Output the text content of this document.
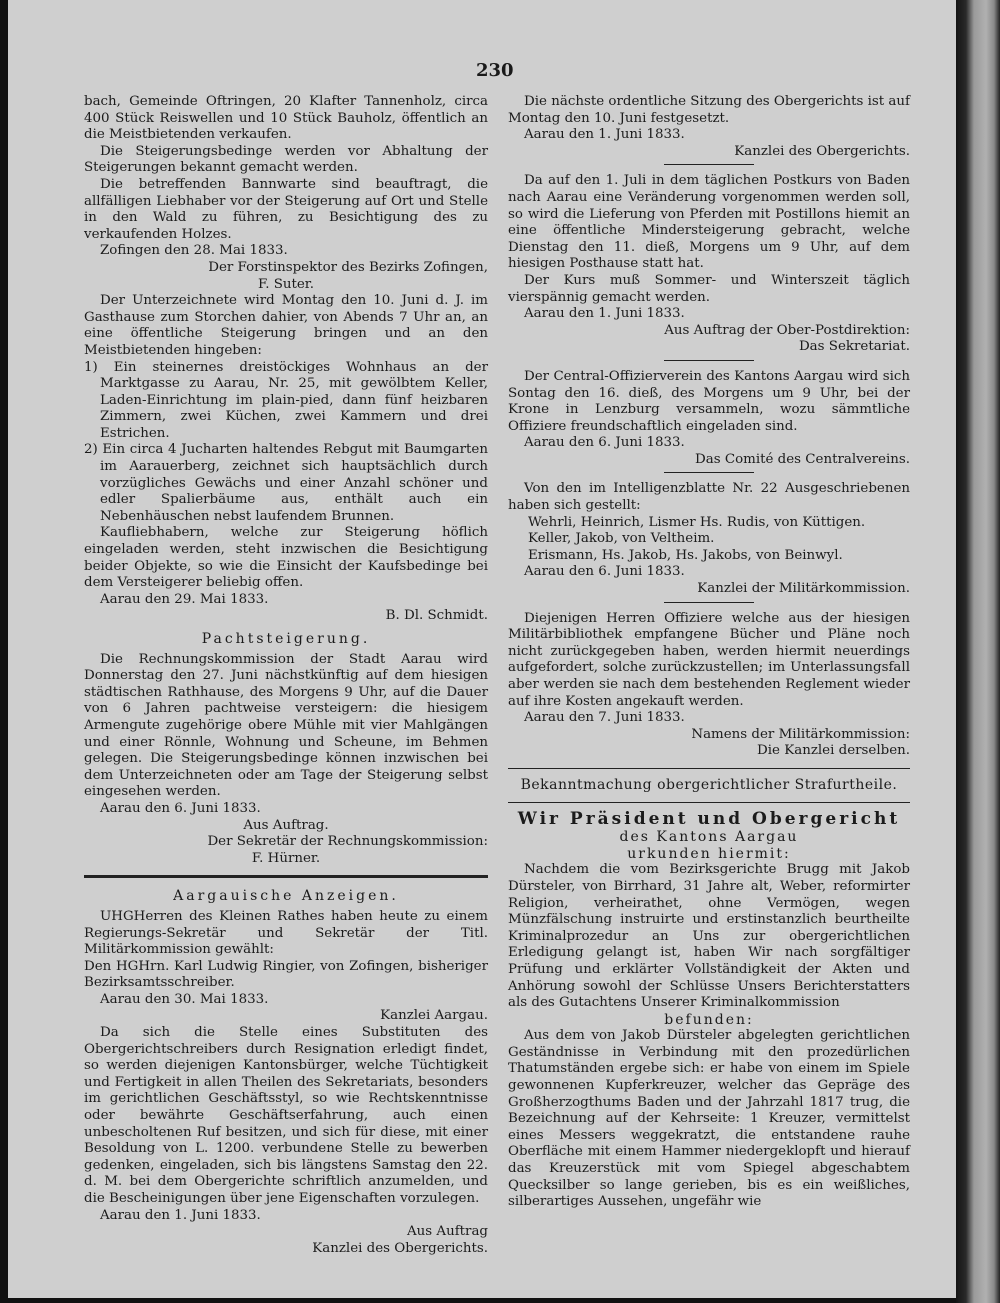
230

bach, Gemeinde Oftringen, 20 Klafter Tannenholz, circa 400 Stück Reiswellen und 10 Stück Bauholz, öffentlich an die Meistbietenden verkaufen.

Die Steigerungsbedinge werden vor Abhaltung der Steigerungen bekannt gemacht werden.

Die betreffenden Bannwarte sind beauftragt, die allfälligen Liebhaber vor der Steigerung auf Ort und Stelle in den Wald zu führen, zu Besichtigung des zu verkaufenden Holzes.

Zofingen den 28. Mai 1833.

Der Forstinspektor des Bezirks Zofingen,

F. Suter.

Der Unterzeichnete wird Montag den 10. Juni d. J. im Gasthause zum Storchen dahier, von Abends 7 Uhr an, an eine öffentliche Steigerung bringen und an den Meistbietenden hingeben:

1) Ein steinernes dreistöckiges Wohnhaus an der Marktgasse zu Aarau, Nr. 25, mit gewölbtem Keller, Laden-Einrichtung im plain-pied, dann fünf heizbaren Zimmern, zwei Küchen, zwei Kammern und drei Estrichen.

2) Ein circa 4 Jucharten haltendes Rebgut mit Baumgarten im Aarauerberg, zeichnet sich hauptsächlich durch vorzügliches Gewächs und einer Anzahl schöner und edler Spalierbäume aus, enthält auch ein Nebenhäuschen nebst laufendem Brunnen.

Kaufliebhabern, welche zur Steigerung höflich eingeladen werden, steht inzwischen die Besichtigung beider Objekte, so wie die Einsicht der Kaufsbedinge bei dem Versteigerer beliebig offen.

Aarau den 29. Mai 1833.

B. Dl. Schmidt.

Pachtsteigerung.

Die Rechnungskommission der Stadt Aarau wird Donnerstag den 27. Juni nächstkünftig auf dem hiesigen städtischen Rathhause, des Morgens 9 Uhr, auf die Dauer von 6 Jahren pachtweise versteigern: die hiesigem Armengute zugehörige obere Mühle mit vier Mahlgängen und einer Rönnle, Wohnung und Scheune, im Behmen gelegen. Die Steigerungsbedinge können inzwischen bei dem Unterzeichneten oder am Tage der Steigerung selbst eingesehen werden.

Aarau den 6. Juni 1833.

Aus Auftrag.

Der Sekretär der Rechnungskommission:

F. Hürner.

Aargauische Anzeigen.

UHGHerren des Kleinen Rathes haben heute zu einem Regierungs-Sekretär und Sekretär der Titl. Militärkommission gewählt:

Den HGHrn. Karl Ludwig Ringier, von Zofingen, bisheriger Bezirksamtsschreiber.

Aarau den 30. Mai 1833.

Kanzlei Aargau.

Da sich die Stelle eines Substituten des Obergerichtschreibers durch Resignation erledigt findet, so werden diejenigen Kantonsbürger, welche Tüchtigkeit und Fertigkeit in allen Theilen des Sekretariats, besonders im gerichtlichen Geschäftsstyl, so wie Rechtskenntnisse oder bewährte Geschäftserfahrung, auch einen unbescholtenen Ruf besitzen, und sich für diese, mit einer Besoldung von L. 1200. verbundene Stelle zu bewerben gedenken, eingeladen, sich bis längstens Samstag den 22. d. M. bei dem Obergerichte schriftlich anzumelden, und die Bescheinigungen über jene Eigenschaften vorzulegen.

Aarau den 1. Juni 1833.

Aus Auftrag

Kanzlei des Obergerichts.

Die nächste ordentliche Sitzung des Obergerichts ist auf Montag den 10. Juni festgesetzt.

Aarau den 1. Juni 1833.

Kanzlei des Obergerichts.

Da auf den 1. Juli in dem täglichen Postkurs von Baden nach Aarau eine Veränderung vorgenommen werden soll, so wird die Lieferung von Pferden mit Postillons hiemit an eine öffentliche Mindersteigerung gebracht, welche Dienstag den 11. dieß, Morgens um 9 Uhr, auf dem hiesigen Posthause statt hat.

Der Kurs muß Sommer- und Winterszeit täglich vierspännig gemacht werden.

Aarau den 1. Juni 1833.

Aus Auftrag der Ober-Postdirektion:

Das Sekretariat.

Der Central-Offizierverein des Kantons Aargau wird sich Sontag den 16. dieß, des Morgens um 9 Uhr, bei der Krone in Lenzburg versammeln, wozu sämmtliche Offiziere freundschaftlich eingeladen sind.

Aarau den 6. Juni 1833.

Das Comité des Centralvereins.

Von den im Intelligenzblatte Nr. 22 Ausgeschriebenen haben sich gestellt:

Wehrli, Heinrich, Lismer Hs. Rudis, von Küttigen.

Keller, Jakob, von Veltheim.

Erismann, Hs. Jakob, Hs. Jakobs, von Beinwyl.

Aarau den 6. Juni 1833.

Kanzlei der Militärkommission.

Diejenigen Herren Offiziere welche aus der hiesigen Militärbibliothek empfangene Bücher und Pläne noch nicht zurückgegeben haben, werden hiermit neuerdings aufgefordert, solche zurückzustellen; im Unterlassungsfall aber werden sie nach dem bestehenden Reglement wieder auf ihre Kosten angekauft werden.

Aarau den 7. Juni 1833.

Namens der Militärkommission:

Die Kanzlei derselben.

Bekanntmachung obergerichtlicher Strafurtheile.
Wir Präsident und Obergericht
des Kantons Aargau
urkunden hiermit:

Nachdem die vom Bezirksgerichte Brugg mit Jakob Dürsteler, von Birrhard, 31 Jahre alt, Weber, reformirter Religion, verheirathet, ohne Vermögen, wegen Münzfälschung instruirte und erstinstanzlich beurtheilte Kriminalprozedur an Uns zur obergerichtlichen Erledigung gelangt ist, haben Wir nach sorgfältiger Prüfung und erklärter Vollständigkeit der Akten und Anhörung sowohl der Schlüsse Unsers Berichterstatters als des Gutachtens Unserer Kriminalkommission

befunden:

Aus dem von Jakob Dürsteler abgelegten gerichtlichen Geständnisse in Verbindung mit den prozedürlichen Thatumständen ergebe sich: er habe von einem im Spiele gewonnenen Kupferkreuzer, welcher das Gepräge des Großherzogthums Baden und der Jahrzahl 1817 trug, die Bezeichnung auf der Kehrseite: 1 Kreuzer, vermittelst eines Messers weggekratzt, die entstandene rauhe Oberfläche mit einem Hammer niedergeklopft und hierauf das Kreuzerstück mit vom Spiegel abgeschabtem Quecksilber so lange gerieben, bis es ein weißliches, silberartiges Aussehen, ungefähr wie
